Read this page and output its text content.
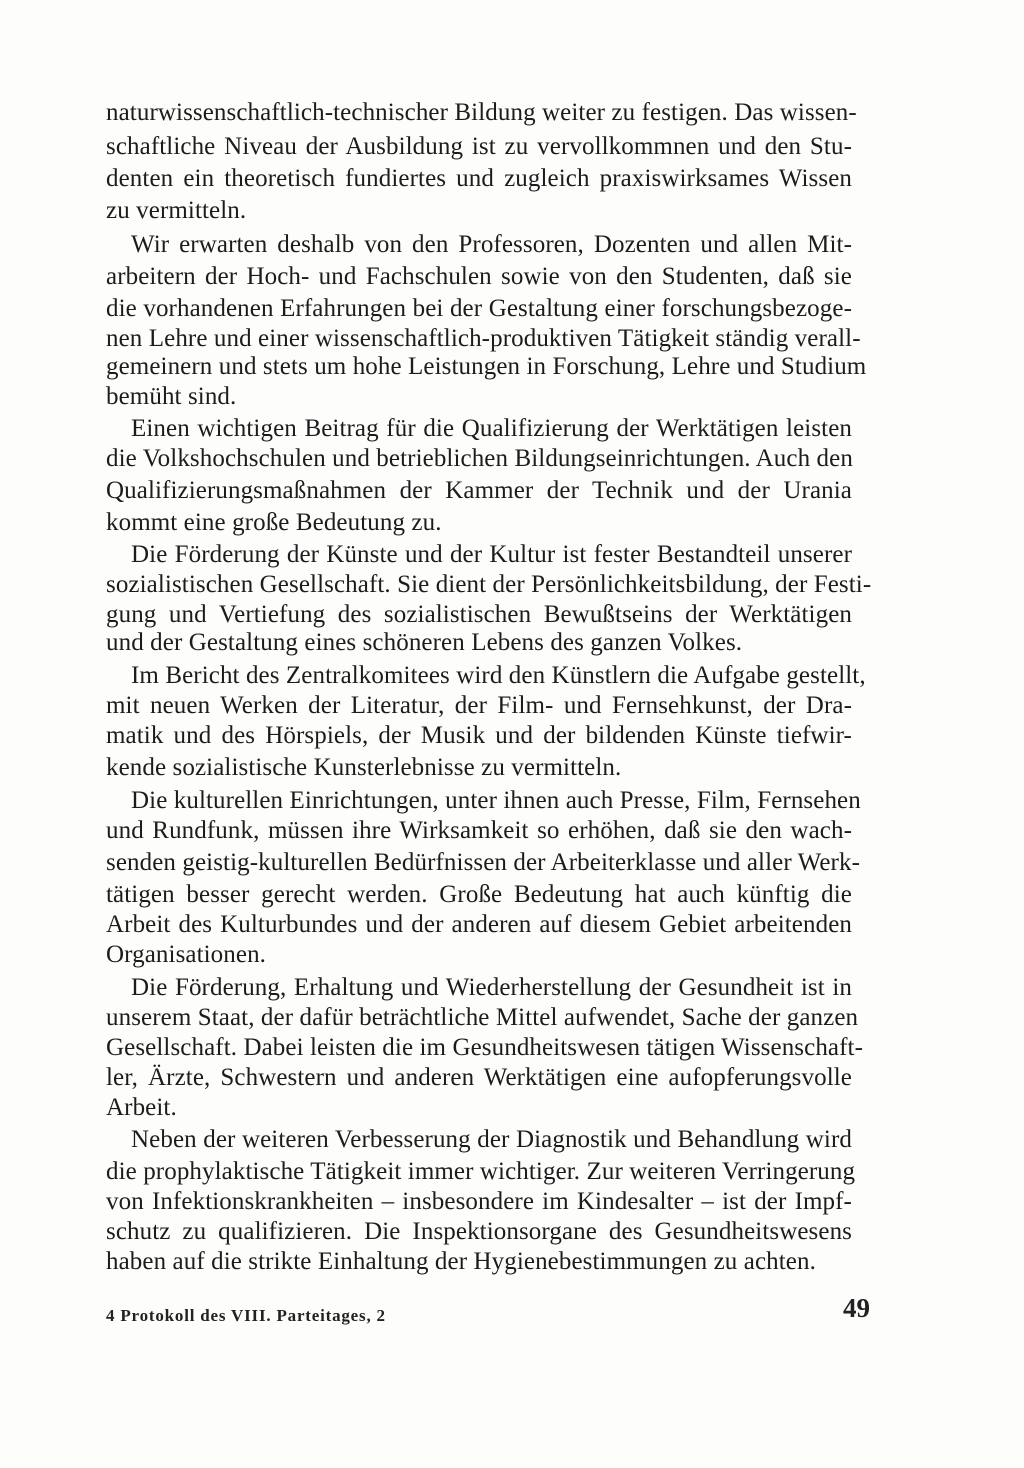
naturwissenschaftlich-technischer Bildung weiter zu festigen. Das wissen-
schaftliche Niveau der Ausbildung ist zu vervollkommnen und den Stu-
denten ein theoretisch fundiertes und zugleich praxiswirksames Wissen
zu vermitteln.
Wir erwarten deshalb von den Professoren, Dozenten und allen Mit-
arbeitern der Hoch- und Fachschulen sowie von den Studenten, daß sie
die vorhandenen Erfahrungen bei der Gestaltung einer forschungsbezoge-
nen Lehre und einer wissenschaftlich-produktiven Tätigkeit ständig verall-
gemeinern und stets um hohe Leistungen in Forschung, Lehre und Studium
bemüht sind.
Einen wichtigen Beitrag für die Qualifizierung der Werktätigen leisten
die Volkshochschulen und betrieblichen Bildungseinrichtungen. Auch den
Qualifizierungsmaßnahmen der Kammer der Technik und der Urania
kommt eine große Bedeutung zu.
Die Förderung der Künste und der Kultur ist fester Bestandteil unserer
sozialistischen Gesellschaft. Sie dient der Persönlichkeitsbildung, der Festi-
gung und Vertiefung des sozialistischen Bewußtseins der Werktätigen
und der Gestaltung eines schöneren Lebens des ganzen Volkes.
Im Bericht des Zentralkomitees wird den Künstlern die Aufgabe gestellt,
mit neuen Werken der Literatur, der Film- und Fernsehkunst, der Dra-
matik und des Hörspiels, der Musik und der bildenden Künste tiefwir-
kende sozialistische Kunsterlebnisse zu vermitteln.
Die kulturellen Einrichtungen, unter ihnen auch Presse, Film, Fernsehen
und Rundfunk, müssen ihre Wirksamkeit so erhöhen, daß sie den wach-
senden geistig-kulturellen Bedürfnissen der Arbeiterklasse und aller Werk-
tätigen besser gerecht werden. Große Bedeutung hat auch künftig die
Arbeit des Kulturbundes und der anderen auf diesem Gebiet arbeitenden
Organisationen.
Die Förderung, Erhaltung und Wiederherstellung der Gesundheit ist in
unserem Staat, der dafür beträchtliche Mittel aufwendet, Sache der ganzen
Gesellschaft. Dabei leisten die im Gesundheitswesen tätigen Wissenschaft-
ler, Ärzte, Schwestern und anderen Werktätigen eine aufopferungsvolle
Arbeit.
Neben der weiteren Verbesserung der Diagnostik und Behandlung wird
die prophylaktische Tätigkeit immer wichtiger. Zur weiteren Verringerung
von Infektionskrankheiten – insbesondere im Kindesalter – ist der Impf-
schutz zu qualifizieren. Die Inspektionsorgane des Gesundheitswesens
haben auf die strikte Einhaltung der Hygienebestimmungen zu achten.
4 Protokoll des VIII. Parteitages, 2	49
